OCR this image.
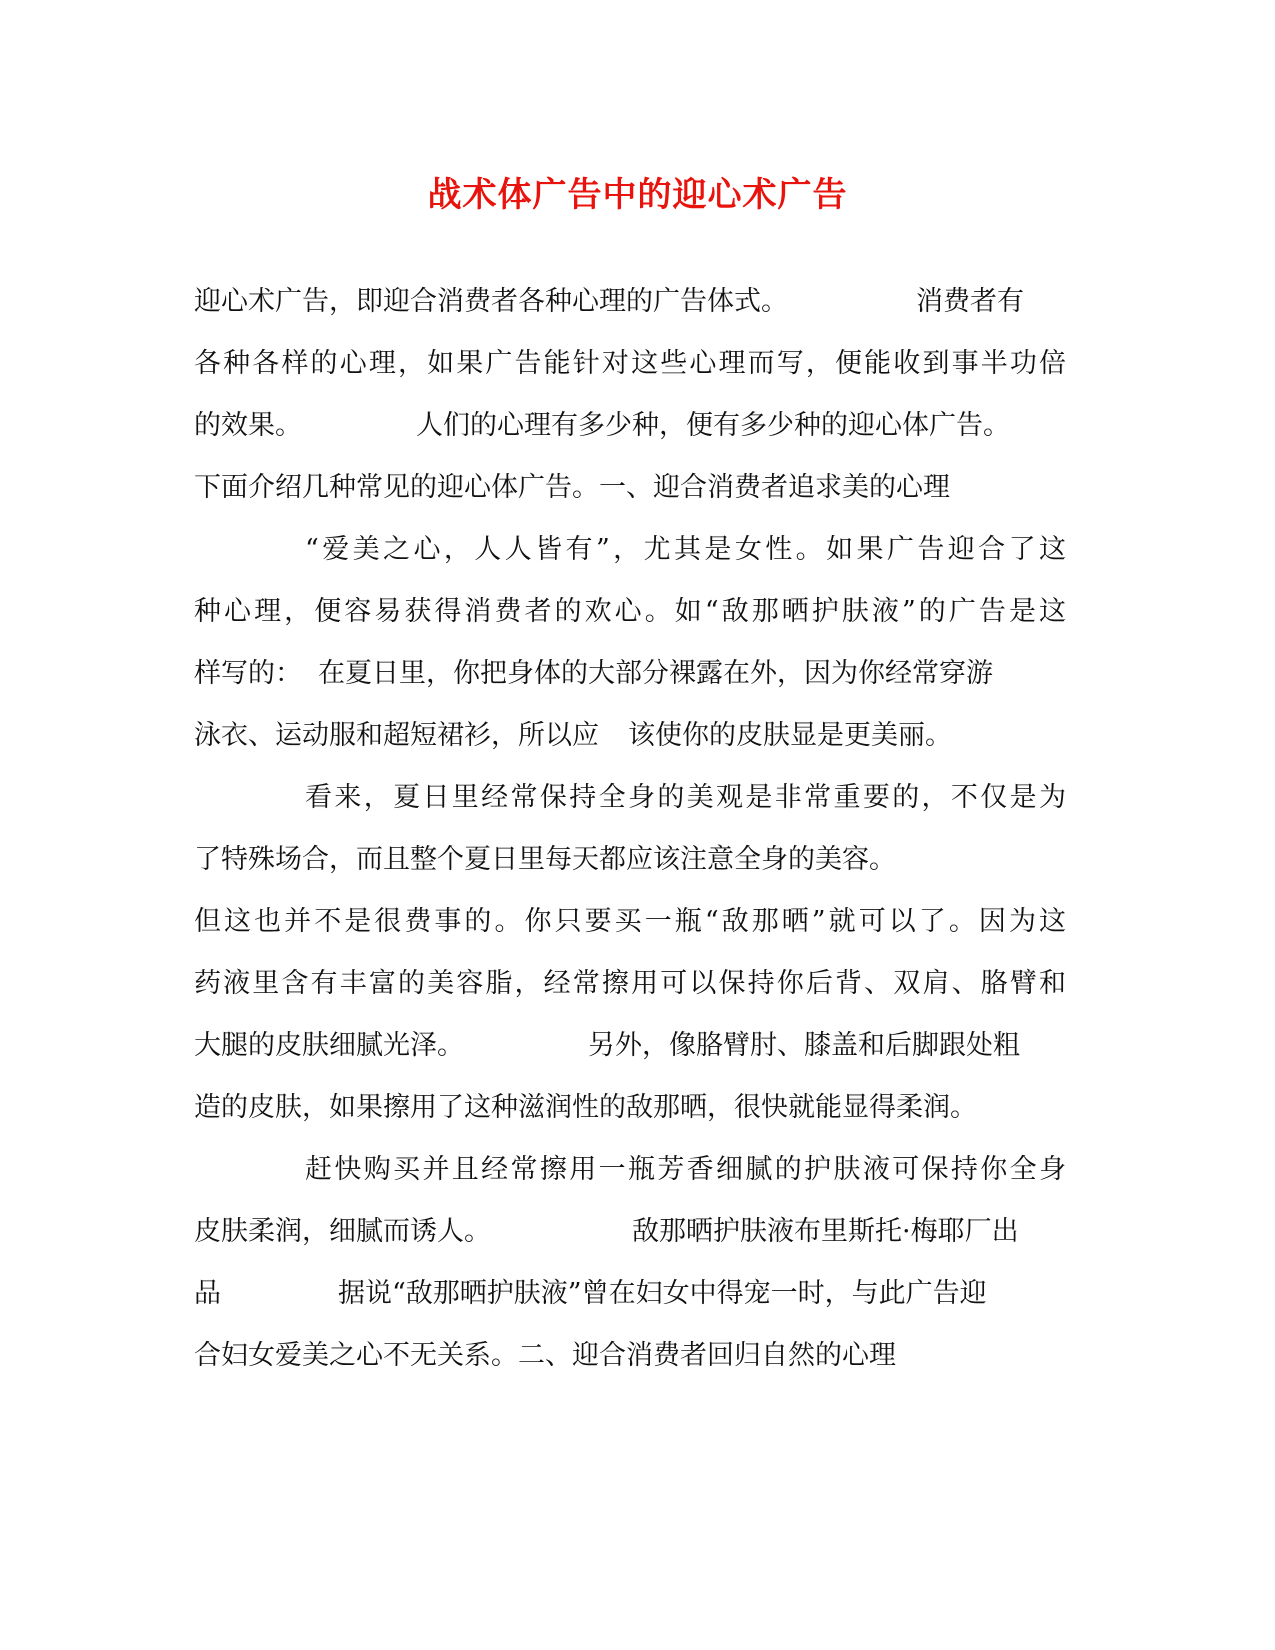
战术体广告中的迎心术广告
迎心术广告，即迎合消费者各种心理的广告体式。	消费者有
各种各样的心理，如果广告能针对这些心理而写，便能收到事半功倍
的效果。	人们的心理有多少种，便有多少种的迎心体广告。
下面介绍几种常见的迎心体广告。一、迎合消费者追求美的心理
“爱美之心，人人皆有”，尤其是女性。如果广告迎合了这
种心理，便容易获得消费者的欢心。如“敌那晒护肤液”的广告是这
样写的： 在夏日里，你把身体的大部分裸露在外，因为你经常穿游
泳衣、运动服和超短裙衫，所以应 该使你的皮肤显是更美丽。
看来，夏日里经常保持全身的美观是非常重要的，不仅是为
了特殊场合，而且整个夏日里每天都应该注意全身的美容。
但这也并不是很费事的。你只要买一瓶“敌那晒”就可以了。因为这
药液里含有丰富的美容脂，经常擦用可以保持你后背、双肩、胳臂和
大腿的皮肤细腻光泽。	另外，像胳臂肘、膝盖和后脚跟处粗
造的皮肤，如果擦用了这种滋润性的敌那晒，很快就能显得柔润。
赶快购买并且经常擦用一瓶芳香细腻的护肤液可保持你全身
皮肤柔润，细腻而诱人。	敌那晒护肤液布里斯托·梅耶厂出
品	据说“敌那晒护肤液”曾在妇女中得宠一时，与此广告迎
合妇女爱美之心不无关系。二、迎合消费者回归自然的心理
